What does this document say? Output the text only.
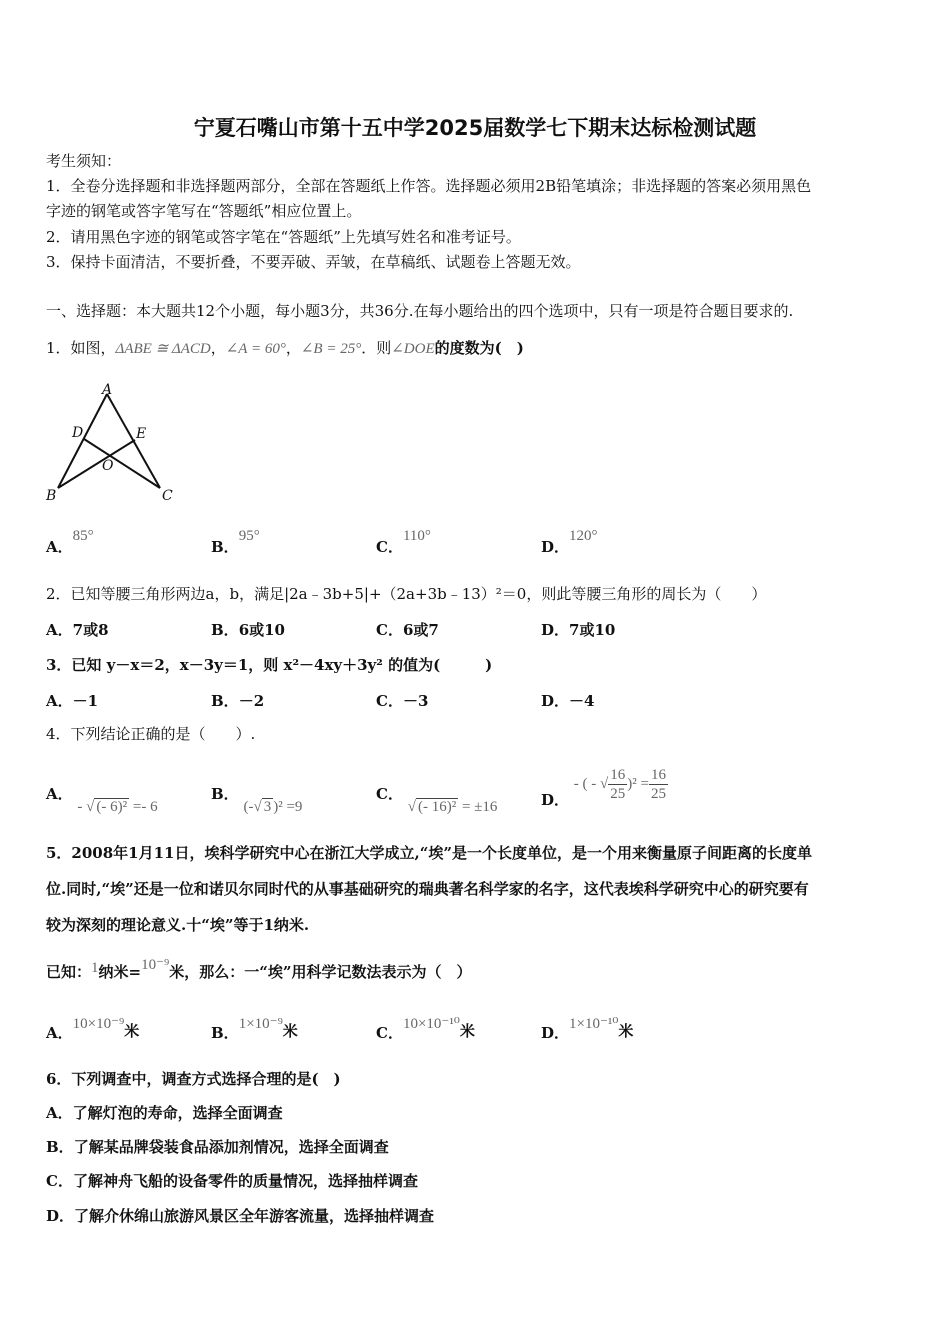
宁夏石嘴山市第十五中学2025届数学七下期末达标检测试题
考生须知：
1．全卷分选择题和非选择题两部分，全部在答题纸上作答。选择题必须用2B铅笔填涂；非选择题的答案必须用黑色
字迹的钢笔或答字笔写在“答题纸”相应位置上。
2．请用黑色字迹的钢笔或答字笔在“答题纸”上先填写姓名和准考证号。
3．保持卡面清洁，不要折叠，不要弄破、弄皱，在草稿纸、试题卷上答题无效。
一、选择题：本大题共12个小题，每小题3分，共36分.在每小题给出的四个选项中，只有一项是符合题目要求的.
1．如图，ΔABE ≅ ΔACD，∠A = 60°，∠B = 25°．则∠DOE的度数为(　)
A
B	C
D	E
O
A．85°
B．95°
C．110°
D．120°
2．已知等腰三角形两边a，b，满足|2a﹣3b+5|+（2a+3b﹣13）²＝0，则此等腰三角形的周长为（　　）
A．7或8	B．6或10	C．6或7	D．7或10
3．已知 y－x＝2，x－3y＝1，则 x²－4xy＋3y² 的值为(　　　)
A．－1	B．－2	C．－3	D．－4
4．下列结论正确的是（　　）.
A． - √ (- 6)² =- 6
B． (-√ 3 )² =9
C． √ (- 16)² = ±16	D． - ( - √ $\frac{16}{25} )^2 = \frac{16}{25}$
5．2008年1月11日，埃科学研究中心在浙江大学成立,“埃”是一个长度单位，是一个用来衡量原子间距离的长度单
位.同时,“埃”还是一位和诺贝尔同时代的从事基础研究的瑞典著名科学家的名字，这代表埃科学研究中心的研究要有
较为深刻的理论意义.十“埃”等于1纳米.
已知：1纳米=10⁻⁹米，那么：一“埃”用科学记数法表示为（　）
A．10×10⁻⁹米	B．1×10⁻⁹米	C．10×10⁻¹⁰米	D．1×10⁻¹⁰米
6．下列调查中，调查方式选择合理的是(　)
A．了解灯泡的寿命，选择全面调查
B．了解某品牌袋装食品添加剂情况，选择全面调查
C．了解神舟飞船的设备零件的质量情况，选择抽样调查
D．了解介休绵山旅游风景区全年游客流量，选择抽样调查
